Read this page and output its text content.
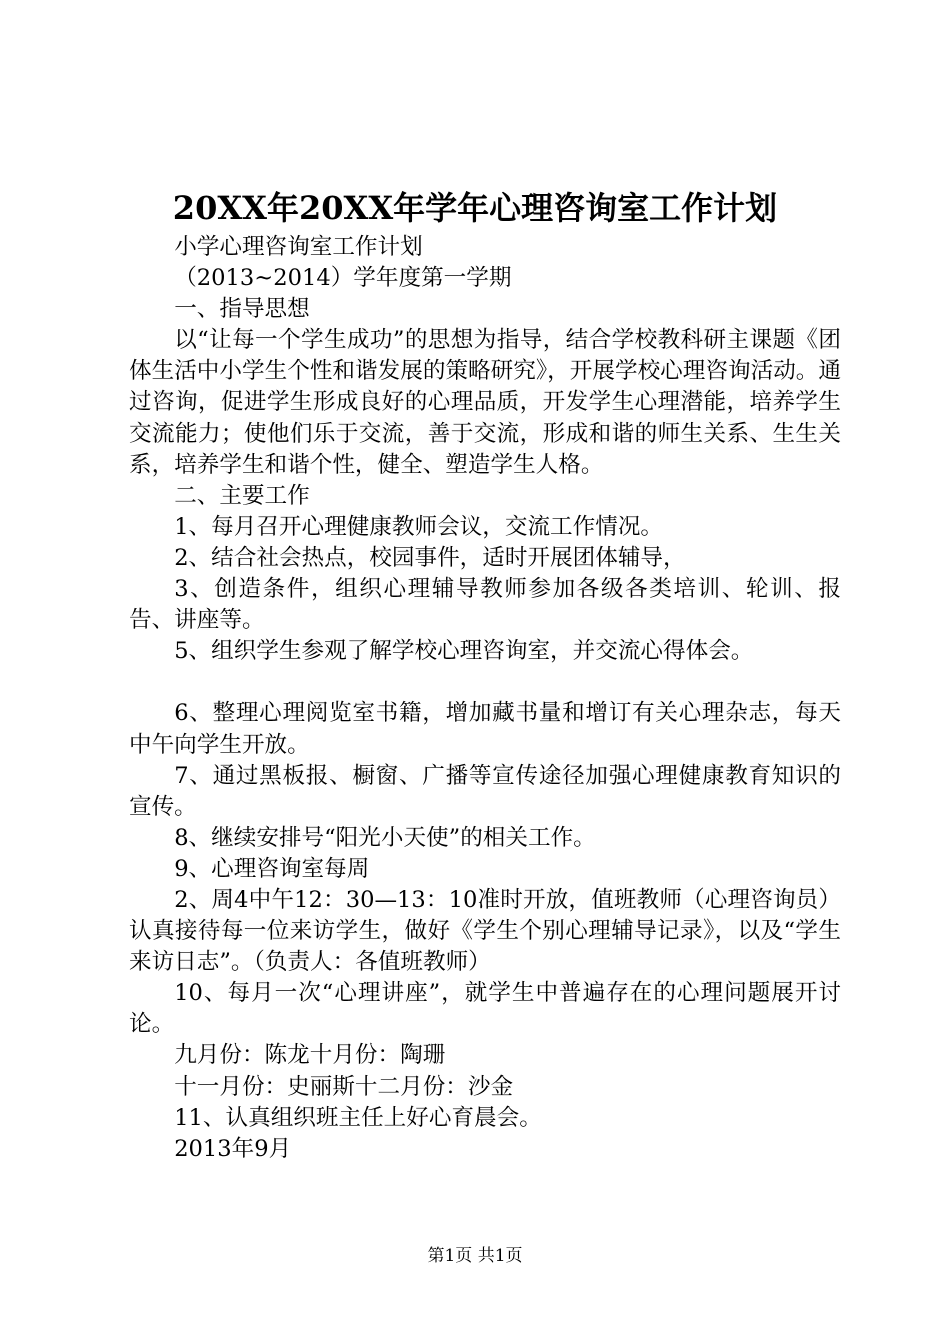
20XX年20XX年学年心理咨询室工作计划

小学心理咨询室工作计划

（2013~2014）学年度第一学期

一、指导思想

以“让每一个学生成功”的思想为指导，结合学校教科研主课题《团体生活中小学生个性和谐发展的策略研究》，开展学校心理咨询活动。通过咨询，促进学生形成良好的心理品质，开发学生心理潜能，培养学生交流能力；使他们乐于交流，善于交流，形成和谐的师生关系、生生关系，培养学生和谐个性，健全、塑造学生人格。

二、主要工作

1、每月召开心理健康教师会议，交流工作情况。

2、结合社会热点，校园事件，适时开展团体辅导，

3、创造条件，组织心理辅导教师参加各级各类培训、轮训、报告、讲座等。

5、组织学生参观了解学校心理咨询室，并交流心得体会。

6、整理心理阅览室书籍，增加藏书量和增订有关心理杂志，每天中午向学生开放。

7、通过黑板报、橱窗、广播等宣传途径加强心理健康教育知识的宣传。

8、继续安排号“阳光小天使”的相关工作。

9、心理咨询室每周

2、周4中午12：30—13：10准时开放，值班教师（心理咨询员）认真接待每一位来访学生，做好《学生个别心理辅导记录》，以及“学生来访日志”。（负责人：各值班教师）

10、每月一次“心理讲座”，就学生中普遍存在的心理问题展开讨论。

九月份：陈龙十月份：陶珊

十一月份：史丽斯十二月份：沙金

11、认真组织班主任上好心育晨会。

2013年9月

第1页 共1页
